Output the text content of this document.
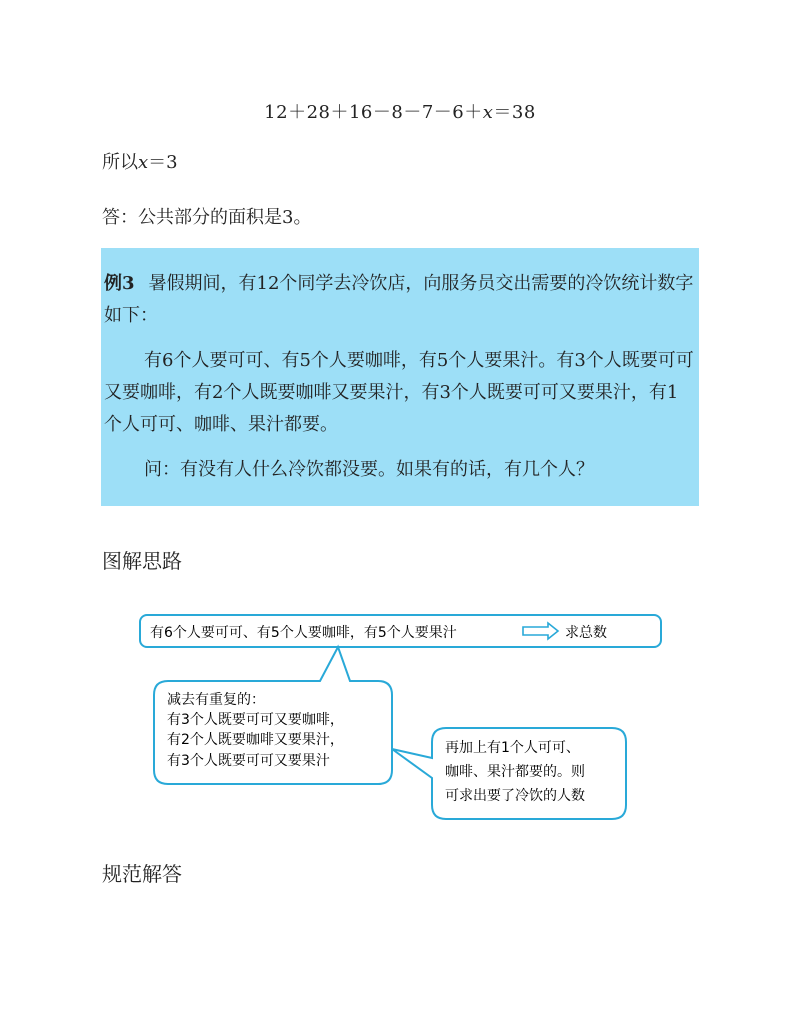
12＋28＋16－8－7－6＋x＝38
所以x＝3
答：公共部分的面积是3。

例3 暑假期间，有12个同学去冷饮店，向服务员交出需要的冷饮统计数字如下：

有6个人要可可、有5个人要咖啡，有5个人要果汁。有3个人既要可可又要咖啡，有2个人既要咖啡又要果汁，有3个人既要可可又要果汁，有1个人可可、咖啡、果汁都要。

问：有没有人什么冷饮都没要。如果有的话，有几个人？

图解思路
有6个人要可可、有5个人要咖啡，有5个人要果汁	求总数
减去有重复的：
有3个人既要可可又要咖啡，
有2个人既要咖啡又要果汁，
有3个人既要可可又要果汁
再加上有1个人可可、
咖啡、果汁都要的。则
可求出要了冷饮的人数
规范解答
